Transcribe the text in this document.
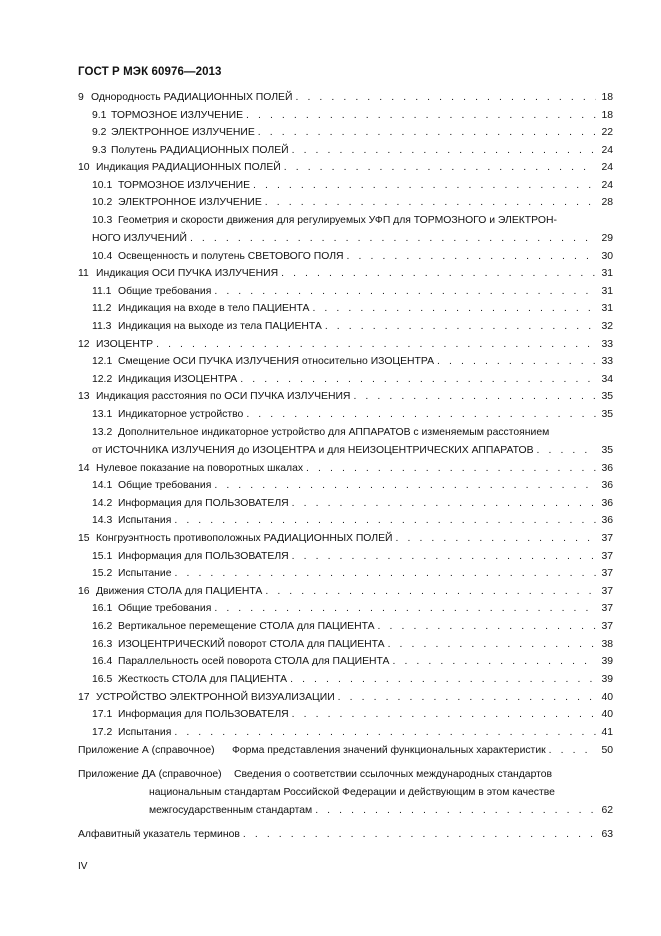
ГОСТ Р МЭК 60976—2013
9 Однородность РАДИАЦИОННЫХ ПОЛЕЙ . . .	18
9.1 ТОРМОЗНОЕ ИЗЛУЧЕНИЕ . . .	18
9.2 ЭЛЕКТРОННОЕ ИЗЛУЧЕНИЕ . . .	22
9.3 Полутень РАДИАЦИОННЫХ ПОЛЕЙ . . .	24
10 Индикация РАДИАЦИОННЫХ ПОЛЕЙ . . .	24
10.1 ТОРМОЗНОЕ ИЗЛУЧЕНИЕ . . .	24
10.2 ЭЛЕКТРОННОЕ ИЗЛУЧЕНИЕ . . .	28
10.3 Геометрия и скорости движения для регулируемых УФП для ТОРМОЗНОГО и ЭЛЕКТРОН-
НОГО ИЗЛУЧЕНИЙ . . .	29
10.4 Освещенность и полутень СВЕТОВОГО ПОЛЯ . . .	30
11 Индикация ОСИ ПУЧКА ИЗЛУЧЕНИЯ . . .	31
11.1 Общие требования . . .	31
11.2 Индикация на входе в тело ПАЦИЕНТА . . .	31
11.3 Индикация на выходе из тела ПАЦИЕНТА . . .	32
12 ИЗОЦЕНТР . . .	33
12.1 Смещение ОСИ ПУЧКА ИЗЛУЧЕНИЯ относительно ИЗОЦЕНТРА . . .	33
12.2 Индикация ИЗОЦЕНТРА . . .	34
13 Индикация расстояния по ОСИ ПУЧКА ИЗЛУЧЕНИЯ . . .	35
13.1 Индикаторное устройство . . .	35
13.2 Дополнительное индикаторное устройство для АППАРАТОВ с изменяемым расстоянием
от ИСТОЧНИКА ИЗЛУЧЕНИЯ до ИЗОЦЕНТРА и для НЕИЗОЦЕНТРИЧЕСКИХ АППАРАТОВ . . .	35
14 Нулевое показание на поворотных шкалах . . .	36
14.1 Общие требования . . .	36
14.2 Информация для ПОЛЬЗОВАТЕЛЯ . . .	36
14.3 Испытания . . .	36
15 Конгруэнтность противоположных РАДИАЦИОННЫХ ПОЛЕЙ . . .	37
15.1 Информация для ПОЛЬЗОВАТЕЛЯ . . .	37
15.2 Испытание . . .	37
16 Движения СТОЛА для ПАЦИЕНТА . . .	37
16.1 Общие требования . . .	37
16.2 Вертикальное перемещение СТОЛА для ПАЦИЕНТА . . .	37
16.3 ИЗОЦЕНТРИЧЕСКИЙ поворот СТОЛА для ПАЦИЕНТА . . .	38
16.4 Параллельность осей поворота СТОЛА для ПАЦИЕНТА . . .	39
16.5 Жесткость СТОЛА для ПАЦИЕНТА . . .	39
17 УСТРОЙСТВО ЭЛЕКТРОННОЙ ВИЗУАЛИЗАЦИИ . . .	40
17.1 Информация для ПОЛЬЗОВАТЕЛЯ . . .	40
17.2 Испытания . . .	41
Приложение А (справочное)	Форма представления значений функциональных характеристик . . .	50
Приложение ДА (справочное)	Сведения о соответствии ссылочных международных стандартов
национальным стандартам Российской Федерации и действующим в этом качестве
межгосударственным стандартам . . .	62
Алфавитный указатель терминов . . .	63
IV
